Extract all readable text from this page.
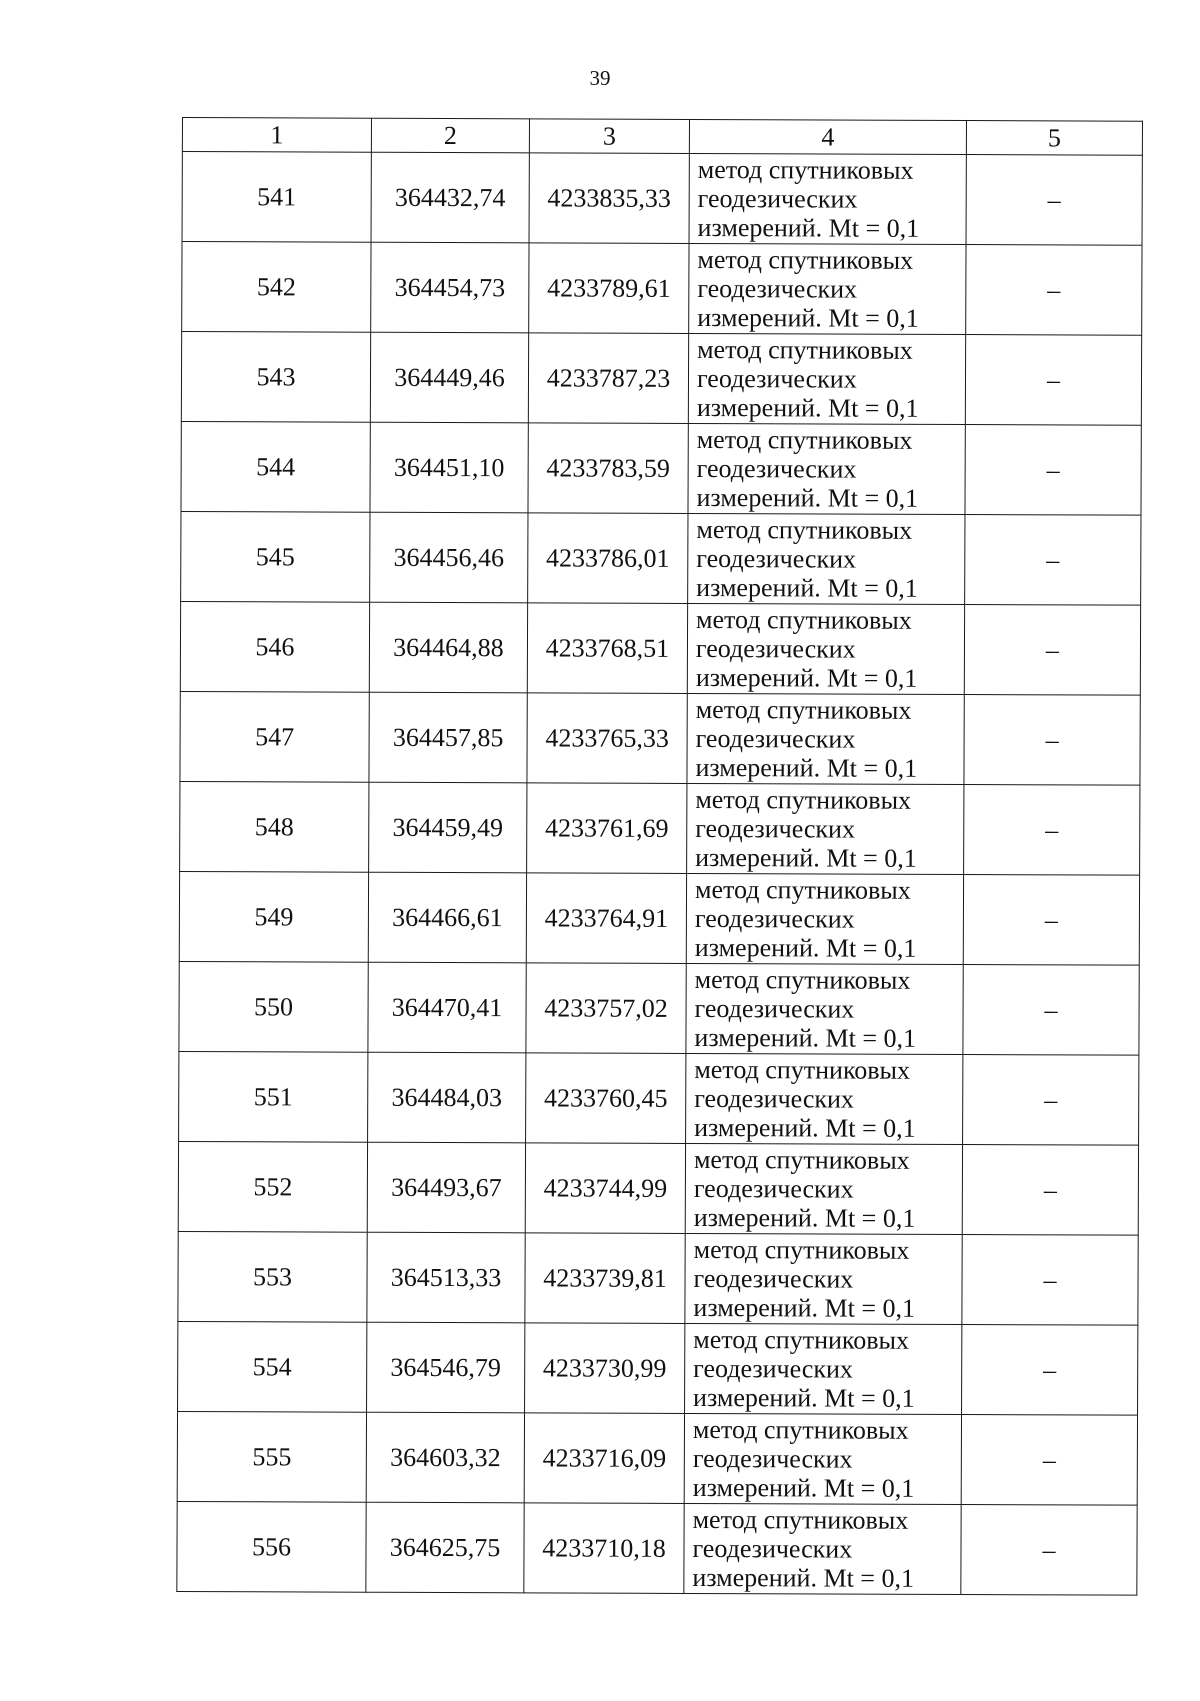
39
1	2	3	4	5
541	364432,74	4233835,33	метод спутниковых геодезических измерений. Mt = 0,1	–
542	364454,73	4233789,61	метод спутниковых геодезических измерений. Mt = 0,1	–
543	364449,46	4233787,23	метод спутниковых геодезических измерений. Mt = 0,1	–
544	364451,10	4233783,59	метод спутниковых геодезических измерений. Mt = 0,1	–
545	364456,46	4233786,01	метод спутниковых геодезических измерений. Mt = 0,1	–
546	364464,88	4233768,51	метод спутниковых геодезических измерений. Mt = 0,1	–
547	364457,85	4233765,33	метод спутниковых геодезических измерений. Mt = 0,1	–
548	364459,49	4233761,69	метод спутниковых геодезических измерений. Mt = 0,1	–
549	364466,61	4233764,91	метод спутниковых геодезических измерений. Mt = 0,1	–
550	364470,41	4233757,02	метод спутниковых геодезических измерений. Mt = 0,1	–
551	364484,03	4233760,45	метод спутниковых геодезических измерений. Mt = 0,1	–
552	364493,67	4233744,99	метод спутниковых геодезических измерений. Mt = 0,1	–
553	364513,33	4233739,81	метод спутниковых геодезических измерений. Mt = 0,1	–
554	364546,79	4233730,99	метод спутниковых геодезических измерений. Mt = 0,1	–
555	364603,32	4233716,09	метод спутниковых геодезических измерений. Mt = 0,1	–
556	364625,75	4233710,18	метод спутниковых геодезических измерений. Mt = 0,1	–
